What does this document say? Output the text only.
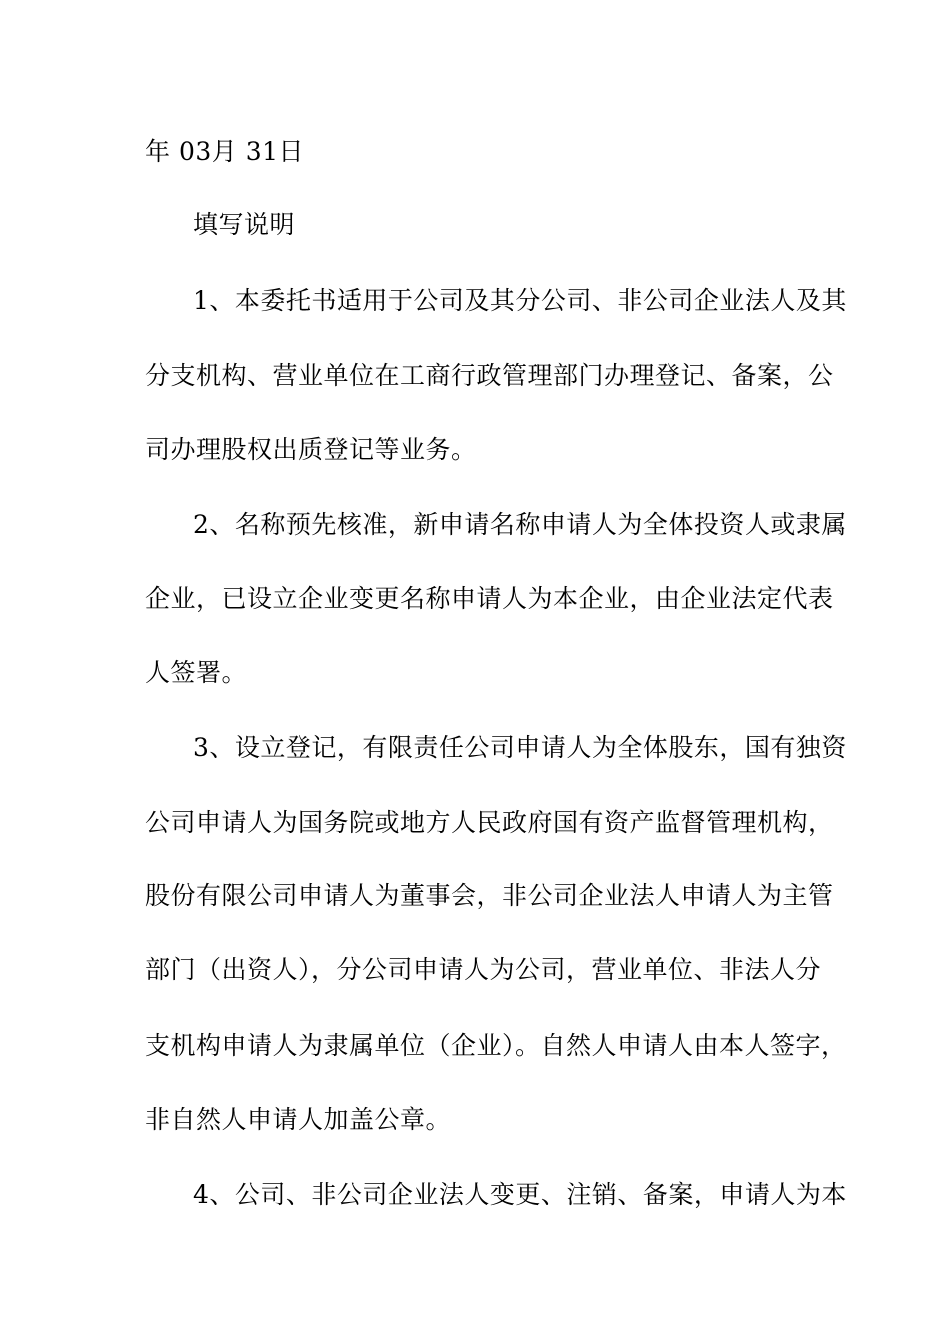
年 03月 31日
填写说明
1、本委托书适用于公司及其分公司、非公司企业法人及其
分支机构、营业单位在工商行政管理部门办理登记、备案，公
司办理股权出质登记等业务。
2、名称预先核准，新申请名称申请人为全体投资人或隶属
企业，已设立企业变更名称申请人为本企业，由企业法定代表
人签署。
3、设立登记，有限责任公司申请人为全体股东，国有独资
公司申请人为国务院或地方人民政府国有资产监督管理机构，
股份有限公司申请人为董事会，非公司企业法人申请人为主管
部门（出资人），分公司申请人为公司，营业单位、非法人分
支机构申请人为隶属单位（企业）。自然人申请人由本人签字，
非自然人申请人加盖公章。
4、公司、非公司企业法人变更、注销、备案，申请人为本
